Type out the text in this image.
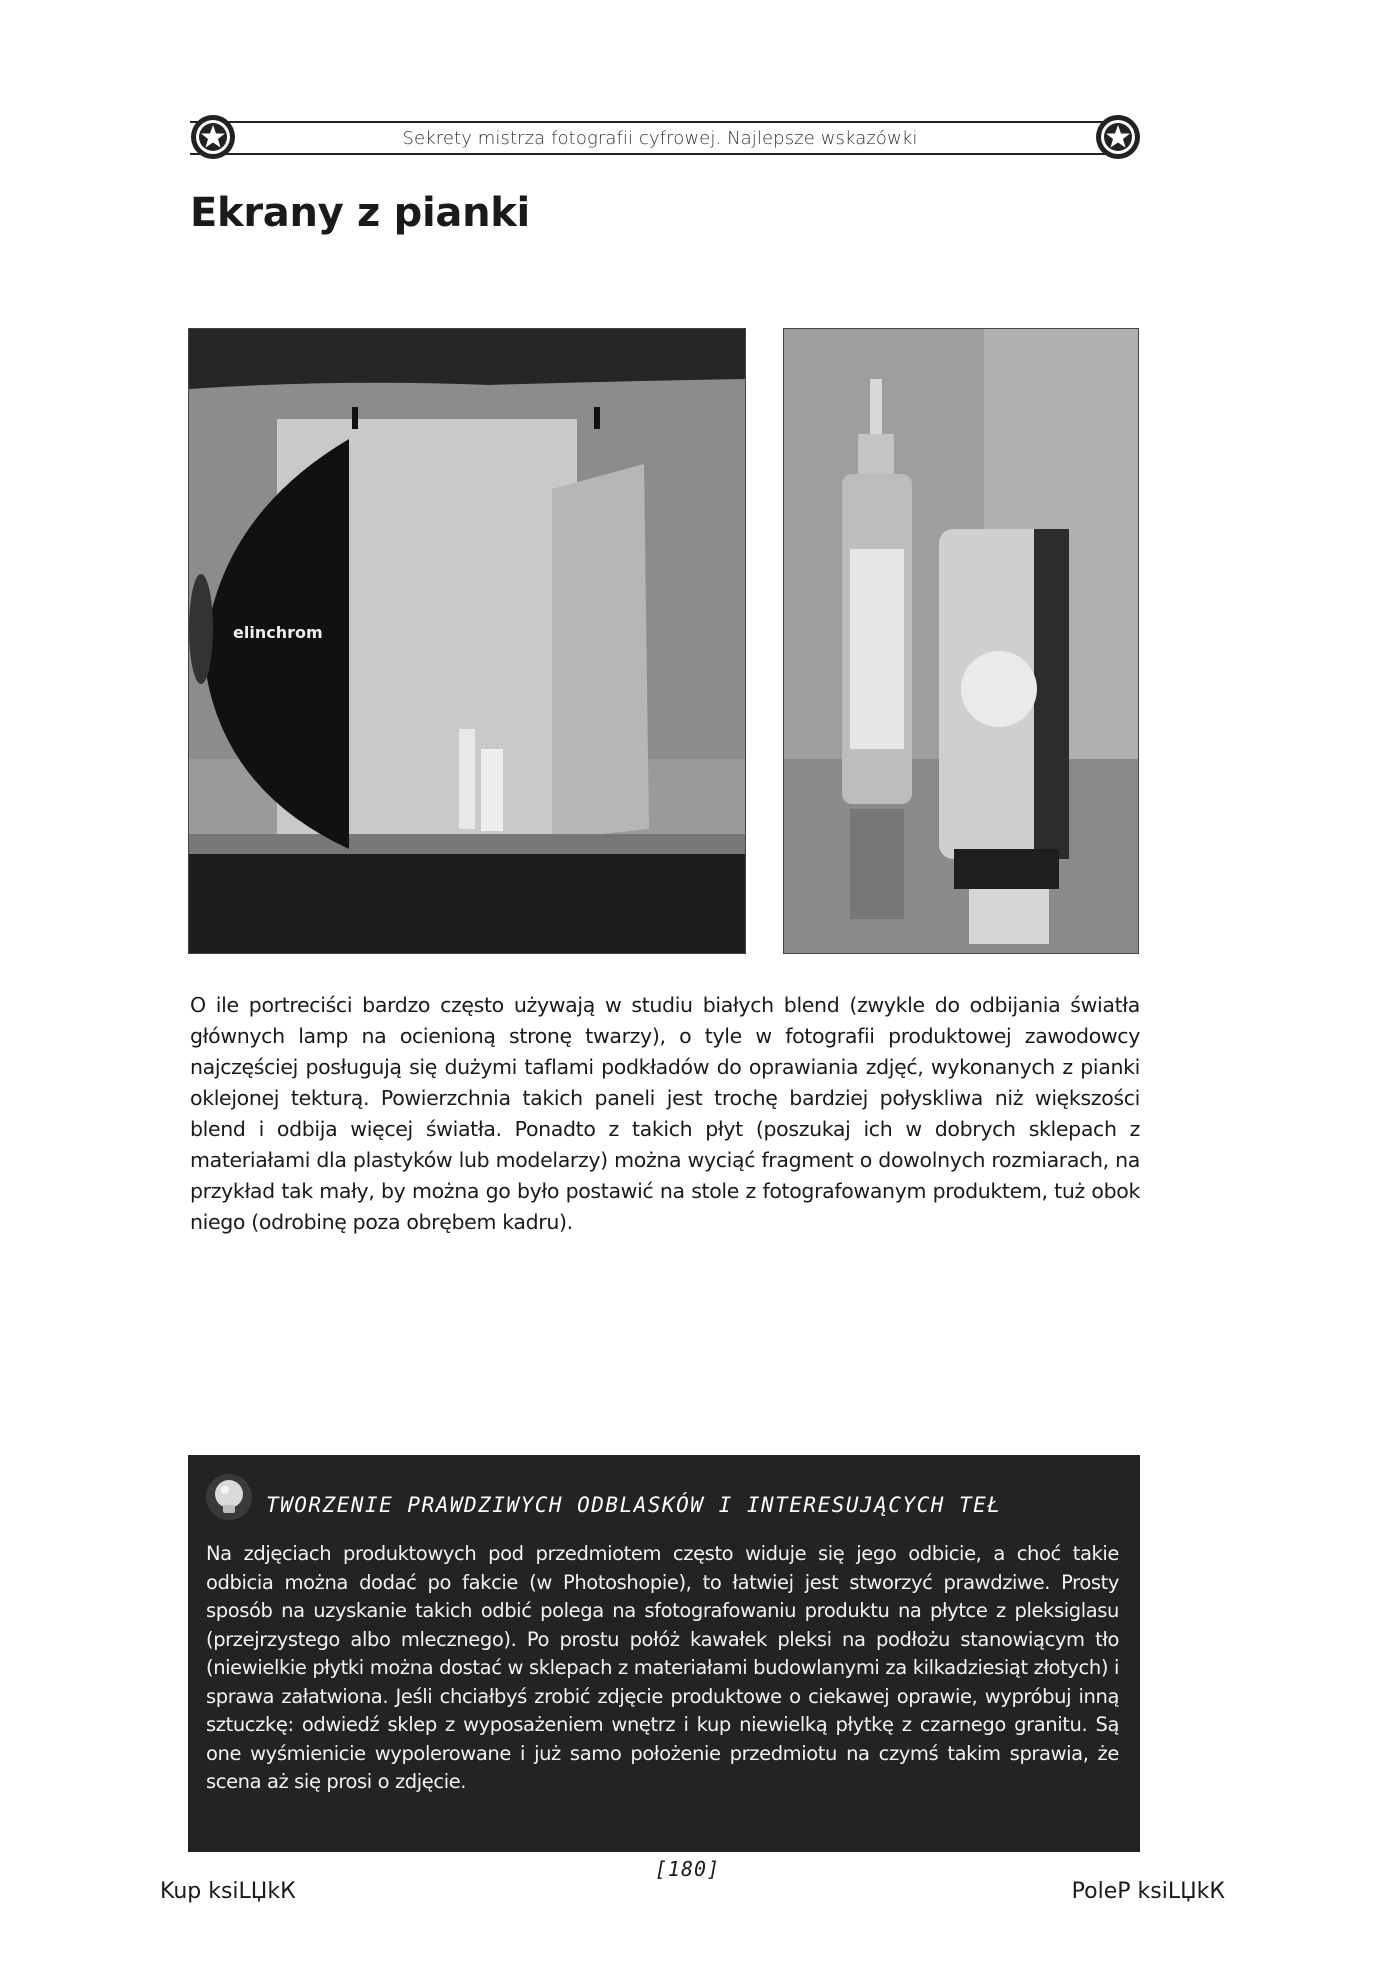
Sekrety mistrza fotografii cyfrowej. Najlepsze wskazówki
Ekrany z pianki
elinchrom

O ile portreciści bardzo często używają w studiu białych blend (zwykle do odbijania światła głównych lamp na ocienioną stronę twarzy), o tyle w fotografii produktowej zawodowcy najczęściej posługują się dużymi taflami podkładów do oprawiania zdjęć, wykonanych z pianki oklejonej tekturą. Powierzchnia takich paneli jest trochę bardziej połyskliwa niż większości blend i odbija więcej światła. Ponadto z takich płyt (poszukaj ich w dobrych sklepach z materiałami dla plastyków lub modelarzy) można wyciąć fragment o dowolnych rozmiarach, na przykład tak mały, by można go było postawić na stole z fotografowanym produktem, tuż obok niego (odrobinę poza obrębem kadru).

TWORZENIE PRAWDZIWYCH ODBLASKÓW I INTERESUJĄCYCH TEŁ

Na zdjęciach produktowych pod przedmiotem często widuje się jego odbicie, a choć takie odbicia można dodać po fakcie (w Photoshopie), to łatwiej jest stworzyć prawdziwe. Prosty sposób na uzyskanie takich odbić polega na sfotografowaniu produktu na płytce z pleksiglasu (przejrzystego albo mlecznego). Po prostu połóż kawałek pleksi na podłożu stanowiącym tło (niewielkie płytki można dostać w sklepach z materiałami budowlanymi za kilkadziesiąt złotych) i sprawa załatwiona. Jeśli chciałbyś zrobić zdjęcie produktowe o ciekawej oprawie, wypróbuj inną sztuczkę: odwiedź sklep z wyposażeniem wnętrz i kup niewielką płytkę z czarnego granitu. Są one wyśmienicie wypolerowane i już samo położenie przedmiotu na czymś takim sprawia, że scena aż się prosi o zdjęcie.

[180]
Kup ksiLЏkК	PoleР ksiLЏkК
